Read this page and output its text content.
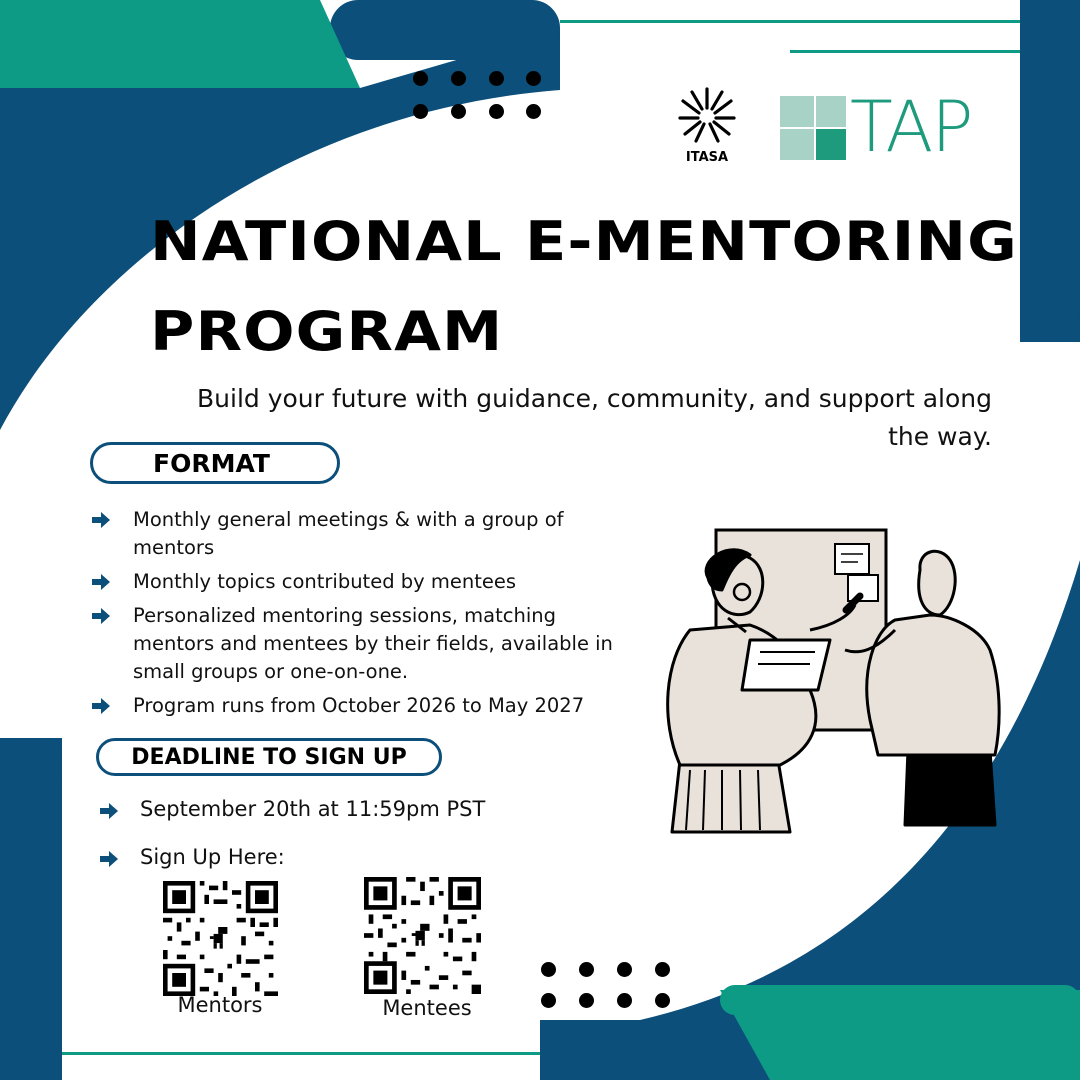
ITASA TAP
NATIONAL E-MENTORING
PROGRAM
Build your future with guidance, community, and support along the way.
FORMAT
Monthly general meetings & with a group of mentors
Monthly topics contributed by mentees
Personalized mentoring sessions, matching mentors and mentees by their fields, available in small groups or one-on-one.
Program runs from October 2026 to May 2027
DEADLINE TO SIGN UP
September 20th at 11:59pm PST
Sign Up Here:
Mentors	Mentees
